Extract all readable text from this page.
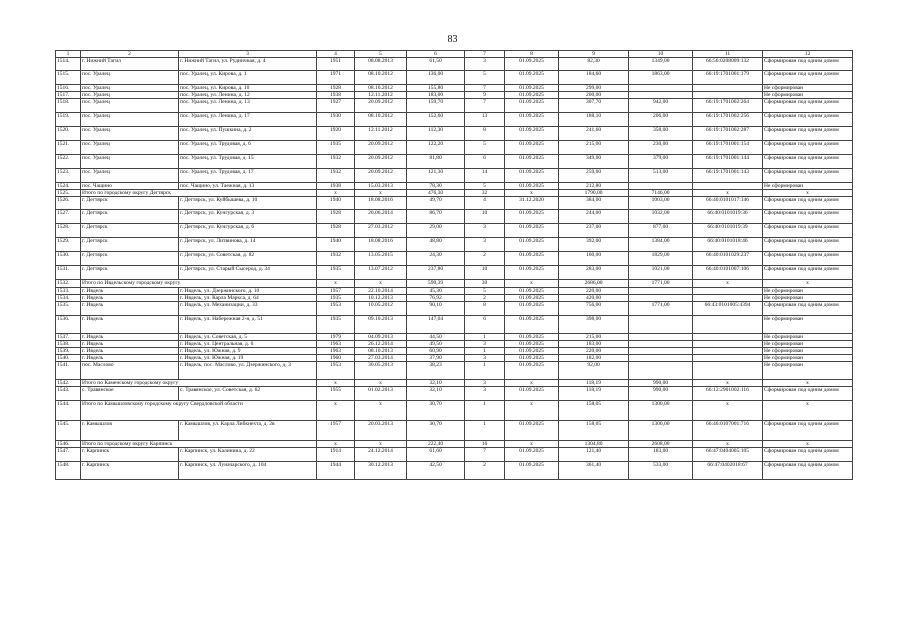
83
1	2	3	4	5	6	7	8	9	10	11	12
1514.	г. Нижний Тагил	г. Нижний Тагил, ул. Рудничная, д. 4	1951	08.08.2013	61,50	3	01.09.2025	82,30	1349,00	66:56:0208009:132	Сформирован под одним домом
1515.	пос. Уралец	пос. Уралец, ул. Кирова, д. 1	1971	08.10.2012	136,00	5	01.09.2025	184,60	1863,00	66:19:1701001:179	Сформирован под одним домом
1516.	пос. Уралец	пос. Уралец, ул. Кирова, д. 10	1928	08.10.2012	155,80	7	01.09.2025	299,00			Не сформирован
1517.	пос. Уралец	пос. Уралец, ул. Ленина, д. 12	1938	12.11.2012	183,00	9	01.09.2025	200,00			Не сформирован
1518.	пос. Уралец	пос. Уралец, ул. Ленина, д. 13	1927	20.09.2012	159,70	7	01.09.2025	307,70	942,00	66:19:1701002:264	Сформирован под одним домом
1519.	пос. Уралец	пос. Уралец, ул. Ленина, д. 17	1930	08.10.2012	152,60	13	01.09.2025	188,10	206,00	66:19:1701002:256	Сформирован под одним домом
1520.	пос. Уралец	пос. Уралец, ул. Пушкина, д. 2	1920	12.11.2012	112,30	8	01.09.2025	241,60	358,00	66:19:1701002:287	Сформирован под одним домом
1521.	пос. Уралец	пос. Уралец, ул. Трудовая, д. 6	1935	20.09.2012	122,20	5	01.09.2025	215,00	230,00	66:19:1701001:154	Сформирован под одним домом
1522.	пос. Уралец	пос. Уралец, ул. Трудовая, д. 15	1932	20.09.2012	81,80	6	01.09.2025	349,00	379,00	66:19:1701001:144	Сформирован под одним домом
1523.	пос. Уралец	пос. Уралец, ул. Трудовая, д. 17	1932	20.09.2012	121,30	14	01.09.2025	259,00	513,00	66:19:1701001:143	Сформирован под одним домом
1524.	пос. Чащино	пос. Чащино, ул. Таежная, д. 13	1938	15.03.2013	78,30	5	01.09.2025	212,80			Не сформирован
1525.	Итого по городскому округу Дегтярск		x	x	476,30	32	x	1790,00	7146,00	x	x
1526.	г. Дегтярск	г. Дегтярск, ул. Куйбышева, д. 10	1940	18.08.2016	49,70	4	31.12.2020	384,00	1003,00	66:40:0101017:146	Сформирован под одним домом
1527.	г. Дегтярск	г. Дегтярск, ул. Кунгурская, д. 3	1928	20.06.2014	86,70	10	01.09.2025	244,00	1032,00	66:40:0101019:36	Сформирован под одним домом
1528.	г. Дегтярск	г. Дегтярск, ул. Кунгурская, д. 6	1928	27.03.2012	29,00	3	01.09.2025	237,00	877,00	66:40:0101019:39	Сформирован под одним домом
1529.	г. Дегтярск	г. Дегтярск, ул. Литвинова, д. 14	1940	18.08.2016	48,80	3	01.09.2025	392,00	1384,00	66:40:0101018:46	Сформирован под одним домом
1530.	г. Дегтярск	г. Дегтярск, ул. Советская, д. 82	1932	13.05.2015	24,30	2	01.09.2025	160,00	1829,00	66:40:0101029:237	Сформирован под одним домом
1531.	г. Дегтярск	г. Дегтярск, ул. Старый Сысерод, д. 34	1935	13.07.2012	237,80	10	01.09.2025	283,00	1021,00	66:40:0101007:106	Сформирован под одним домом
1532.	Итого по Ивдельскому городскому округу		x	x	590,39	30	x	2686,00	1771,00	x	x
1533.	г. Ивдель	г. Ивдель, ул. Дзержинского, д. 10	1957	22.10.2014	45,30	5	01.09.2025	220,00			Не сформирован
1534.	г. Ивдель	г. Ивдель, ул. Карла Маркса, д. 64	1935	10.12.2013	76,92	2	01.09.2025	420,00			Не сформирован
1535.	г. Ивдель	г. Ивдель, ул. Механизации, д. 33	1953	10.05.2012	90,10	8	01.09.2025	756,00	1771,00	66:43:0101005:4394	Сформирован под одним домом
1536.	г. Ивдель	г. Ивдель, ул. Набережная 2-я, д. 51	1935	09.10.2013	147,04	6	01.09.2025	398,00			Не сформирован
1537.	г. Ивдель	г. Ивдель, ул. Советская, д. 5	1979	04.09.2013	44,50	1	01.09.2025	215,00			Не сформирован
1538.	г. Ивдель	г. Ивдель, ул. Центральная, д. 6	1963	26.12.2014	49,50	3	01.09.2025	183,00			Не сформирован
1539.	г. Ивдель	г. Ивдель, ул. Южная, д. 9	1963	08.10.2013	60,90	1	01.09.2025	220,00			Не сформирован
1540.	г. Ивдель	г. Ивдель, ул. Южная, д. 19	1960	27.03.2014	37,90	3	01.09.2025	182,00			Не сформирован
1541.	пос. Маслово	г. Ивдель, пос. Маслово, ул. Дзержинского, д. 3	1953	30.05.2013	38,23	1	01.09.2025	92,00			Не сформирован
1542.	Итого по Каменскому городскому округу		x	x	32,10	3	x	118,19	990,00	x	x
1543.	с. Травянское	с. Травянское, ул. Советская, д. 62	1955	01.02.2013	32,10	3	01.09.2025	118,19	990,00	66:12:2901002:116	Сформирован под одним домом
1544.	Итого по Камышловскому городскому округу Свердловской области		x	x	30,70	1	x	158,05	1300,00	x	x
1545.	г. Камышлов	г. Камышлов, ул. Карла Либкнехта, д. 2в	1957	20.03.2013	30,70	1	01.09.2025	158,05	1300,00	66:46:0107001:716	Сформирован под одним домом
1546.	Итого по городскому округу Карпинск		x	x	222,40	16	x	1304,80	2608,00	x	x
1547.	г. Карпинск	г. Карпинск, ул. Калинина, д. 22	1914	24.12.2014	61,60	7	01.09.2025	121,40	183,00	66:47:0404005:105	Сформирован под одним домом
1548.	г. Карпинск	г. Карпинск, ул. Луначарского, д. 104	1944	30.12.2013	42,50	2	01.09.2025	361,40	533,00	66:47:0402018:67	Сформирован под одним домом
